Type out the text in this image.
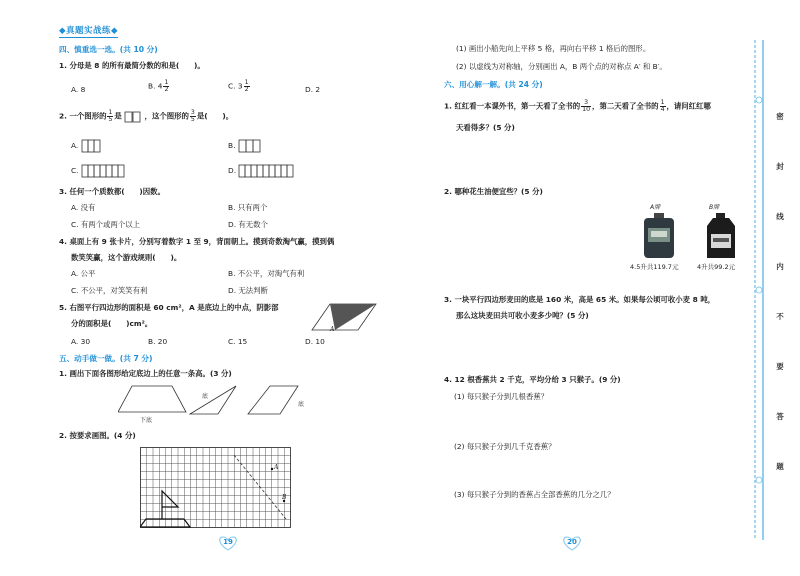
◆真题实战练◆
四、慎重选一选。(共 10 分)
1. 分母是 8 的所有最简分数的和是(　　)。
A. 8	B. $4 \frac{1}{2}$	C. $3 \frac{1}{2}$	D. 2
2. 一个图形的 $\frac{1}{5}$ 是	，这个图形的 $\frac{3}{5}$ 是(　　)。
A.	B.
C.	D.
3. 任何一个质数都(　　)因数。
A. 没有	B. 只有两个
C. 有两个或两个以上	D. 有无数个
4. 桌面上有 9 张卡片，分别写着数字 1 至 9，背面朝上。摸到奇数淘气赢，摸到偶
数笑笑赢，这个游戏规则(　　)。
A. 公平	B. 不公平，对淘气有利
C. 不公平，对笑笑有利	D. 无法判断
5. 右图平行四边形的面积是 60 cm²，A 是底边上的中点，阴影部
分的面积是(　　)cm²。
A
A. 30	B. 20	C. 15	D. 10
五、动手做一做。(共 7 分)
1. 画出下面各图形给定底边上的任意一条高。(3 分)
下底
底
底
2. 按要求画图。(4 分)
A
B
19
(1) 画出小船先向上平移 5 格，再向右平移 1 格后的图形。
(2) 以虚线为对称轴，分别画出 A，B 两个点的对称点 A′ 和 B′。
六、用心解一解。(共 24 分)
1. 红红看一本课外书，第一天看了全书的 $\frac{3}{10}$ ，第二天看了全书的 $\frac{1}{4}$ ，请问红红哪
天看得多？(5 分)
2. 哪种花生油便宜些？(5 分)
A牌	B牌
4.5升共119.7元	4升共99.2元
3. 一块平行四边形麦田的底是 160 米，高是 65 米。如果每公顷可收小麦 8 吨，
那么这块麦田共可收小麦多少吨？(5 分)
4. 12 根香蕉共 2 千克，平均分给 3 只猴子。(9 分)
(1) 每只猴子分到几根香蕉？
(2) 每只猴子分到几千克香蕉？
(3) 每只猴子分到的香蕉占全部香蕉的几分之几？
20
密
封
线
内
不
要
答
题
